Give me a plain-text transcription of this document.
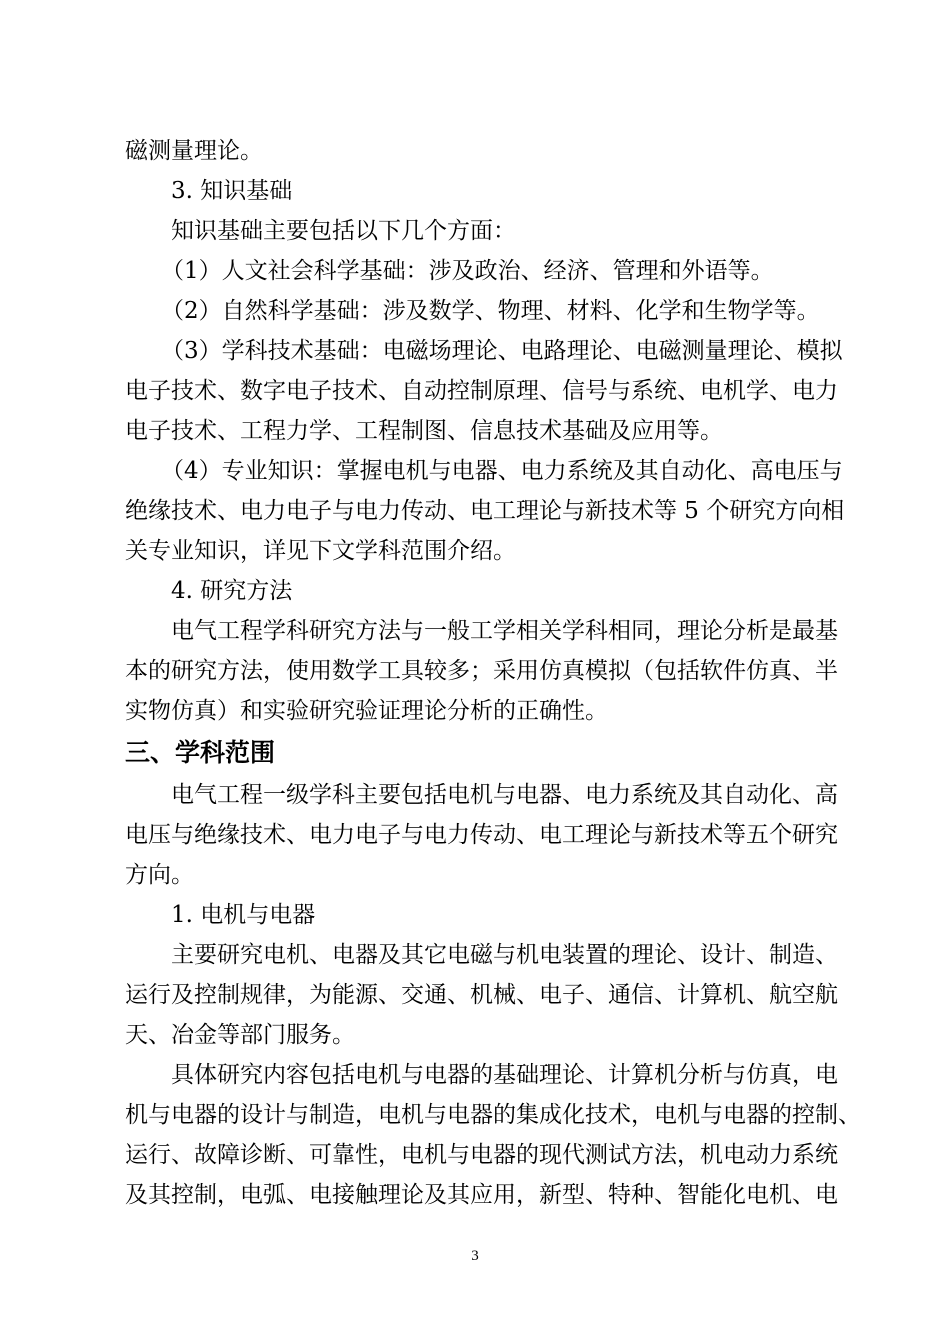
磁测量理论。
3. 知识基础
知识基础主要包括以下几个方面：
（1）人文社会科学基础：涉及政治、经济、管理和外语等。
（2）自然科学基础：涉及数学、物理、材料、化学和生物学等。
（3）学科技术基础：电磁场理论、电路理论、电磁测量理论、模拟
电子技术、数字电子技术、自动控制原理、信号与系统、电机学、电力
电子技术、工程力学、工程制图、信息技术基础及应用等。
（4）专业知识：掌握电机与电器、电力系统及其自动化、高电压与
绝缘技术、电力电子与电力传动、电工理论与新技术等 5 个研究方向相
关专业知识，详见下文学科范围介绍。
4. 研究方法
电气工程学科研究方法与一般工学相关学科相同，理论分析是最基
本的研究方法，使用数学工具较多；采用仿真模拟（包括软件仿真、半
实物仿真）和实验研究验证理论分析的正确性。
三、学科范围
电气工程一级学科主要包括电机与电器、电力系统及其自动化、高
电压与绝缘技术、电力电子与电力传动、电工理论与新技术等五个研究
方向。
1. 电机与电器
主要研究电机、电器及其它电磁与机电装置的理论、设计、制造、
运行及控制规律，为能源、交通、机械、电子、通信、计算机、航空航
天、冶金等部门服务。
具体研究内容包括电机与电器的基础理论、计算机分析与仿真，电
机与电器的设计与制造，电机与电器的集成化技术，电机与电器的控制、
运行、故障诊断、可靠性，电机与电器的现代测试方法，机电动力系统
及其控制，电弧、电接触理论及其应用，新型、特种、智能化电机、电
3
